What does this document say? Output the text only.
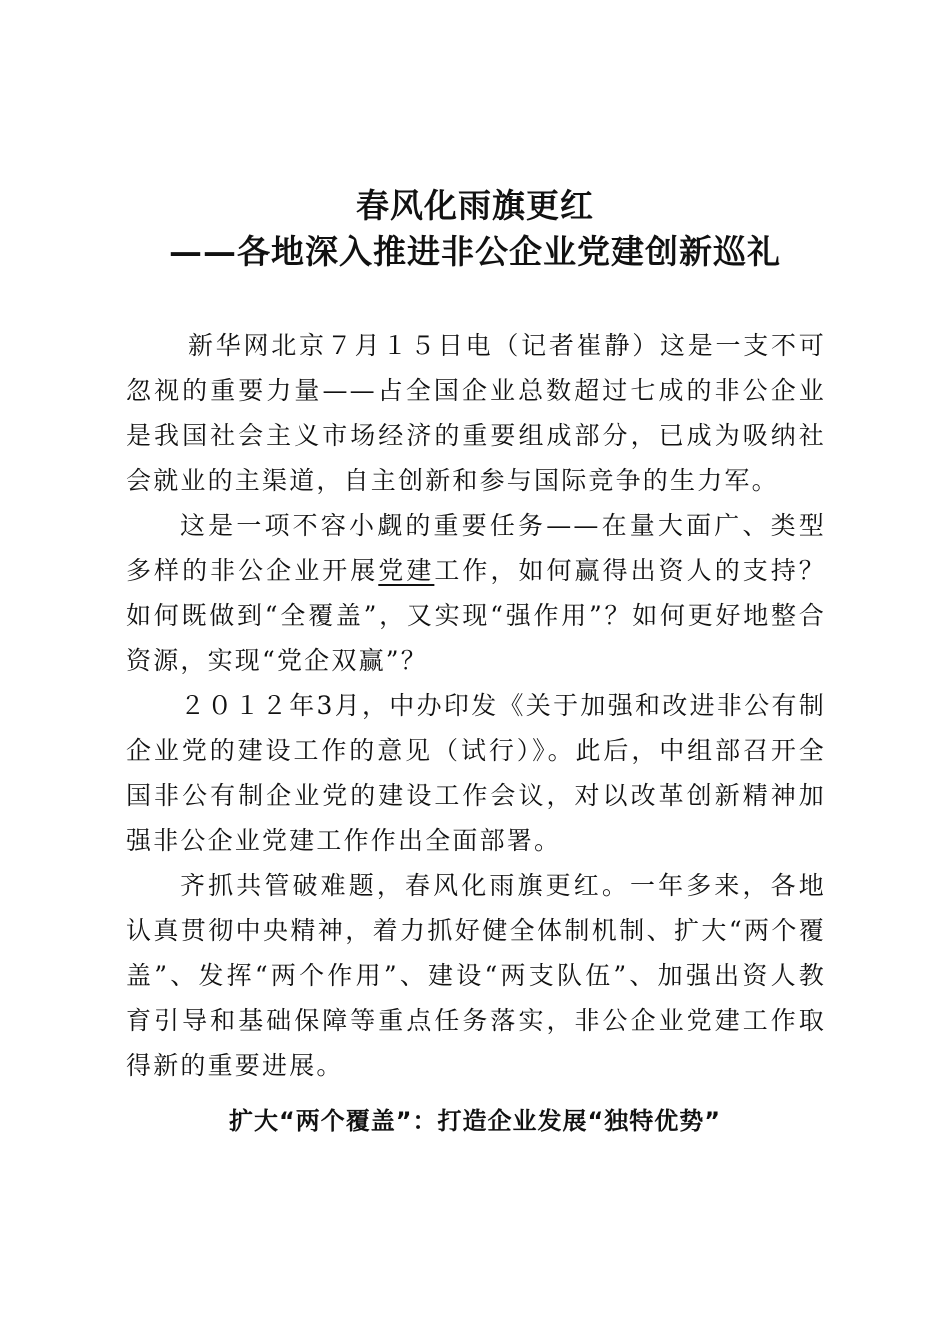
春风化雨旗更红
——各地深入推进非公企业党建创新巡礼

新华网北京７月１５日电（记者崔静）这是一支不可忽视的重要力量——占全国企业总数超过七成的非公企业是我国社会主义市场经济的重要组成部分，已成为吸纳社会就业的主渠道，自主创新和参与国际竞争的生力军。

这是一项不容小觑的重要任务——在量大面广、类型多样的非公企业开展党建工作，如何赢得出资人的支持？如何既做到“全覆盖”，又实现“强作用”？如何更好地整合资源，实现“党企双赢”？

２０１２年3月，中办印发《关于加强和改进非公有制企业党的建设工作的意见（试行）》。此后，中组部召开全国非公有制企业党的建设工作会议，对以改革创新精神加强非公企业党建工作作出全面部署。

齐抓共管破难题，春风化雨旗更红。一年多来，各地认真贯彻中央精神，着力抓好健全体制机制、扩大“两个覆盖”、发挥“两个作用”、建设“两支队伍”、加强出资人教育引导和基础保障等重点任务落实，非公企业党建工作取得新的重要进展。

扩大“两个覆盖”：打造企业发展“独特优势”
